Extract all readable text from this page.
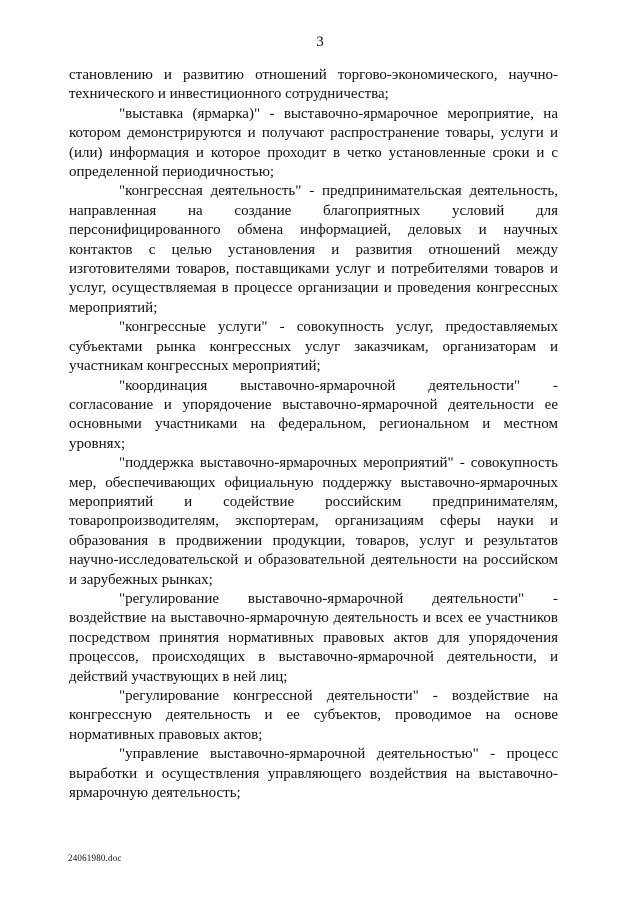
3

становлению и развитию отношений торгово-экономического, научно-технического и инвестиционного сотрудничества;

"выставка (ярмарка)" - выставочно-ярмарочное мероприятие, на котором демонстрируются и получают распространение товары, услуги и (или) информация и которое проходит в четко установленные сроки и с определенной периодичностью;

"конгрессная деятельность" - предпринимательская деятельность, направленная на создание благоприятных условий для персонифицированного обмена информацией, деловых и научных контактов с целью установления и развития отношений между изготовителями товаров, поставщиками услуг и потребителями товаров и услуг, осуществляемая в процессе организации и проведения конгрессных мероприятий;

"конгрессные услуги" - совокупность услуг, предоставляемых субъектами рынка конгрессных услуг заказчикам, организаторам и участникам конгрессных мероприятий;

"координация выставочно-ярмарочной деятельности" - согласование и упорядочение выставочно-ярмарочной деятельности ее основными участниками на федеральном, региональном и местном уровнях;

"поддержка выставочно-ярмарочных мероприятий" - совокупность мер, обеспечивающих официальную поддержку выставочно-ярмарочных мероприятий и содействие российским предпринимателям, товаропроизводителям, экспортерам, организациям сферы науки и образования в продвижении продукции, товаров, услуг и результатов научно-исследовательской и образовательной деятельности на российском и зарубежных рынках;

"регулирование выставочно-ярмарочной деятельности" - воздействие на выставочно-ярмарочную деятельность и всех ее участников посредством принятия нормативных правовых актов для упорядочения процессов, происходящих в выставочно-ярмарочной деятельности, и действий участвующих в ней лиц;

"регулирование конгрессной деятельности" - воздействие на конгрессную деятельность и ее субъектов, проводимое на основе нормативных правовых актов;

"управление выставочно-ярмарочной деятельностью" - процесс выработки и осуществления управляющего воздействия на выставочно-ярмарочную деятельность;

24061980.doc
